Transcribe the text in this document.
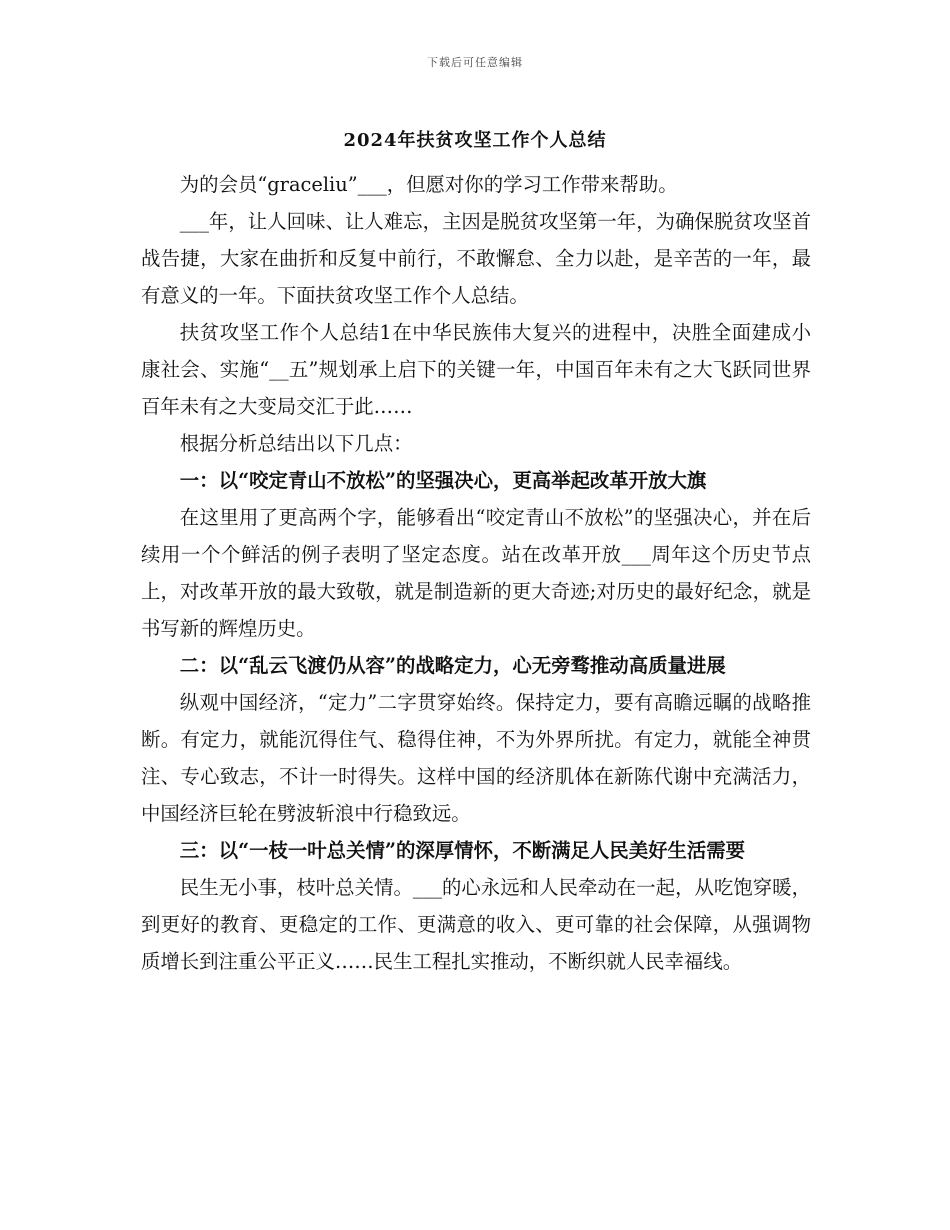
下载后可任意编辑
2024年扶贫攻坚工作个人总结

为的会员“graceliu”___，但愿对你的学习工作带来帮助。

___年，让人回味、让人难忘，主因是脱贫攻坚第一年，为确保脱贫攻坚首战告捷，大家在曲折和反复中前行，不敢懈怠、全力以赴，是辛苦的一年，最有意义的一年。下面扶贫攻坚工作个人总结。

扶贫攻坚工作个人总结1在中华民族伟大复兴的进程中，决胜全面建成小康社会、实施“__五”规划承上启下的关键一年，中国百年未有之大飞跃同世界百年未有之大变局交汇于此……

根据分析总结出以下几点：

一：以“咬定青山不放松”的坚强决心，更高举起改革开放大旗

在这里用了更高两个字，能够看出“咬定青山不放松”的坚强决心，并在后续用一个个鲜活的例子表明了坚定态度。站在改革开放___周年这个历史节点上，对改革开放的最大致敬，就是制造新的更大奇迹;对历史的最好纪念，就是书写新的辉煌历史。

二：以“乱云飞渡仍从容”的战略定力，心无旁骛推动高质量进展

纵观中国经济，“定力”二字贯穿始终。保持定力，要有高瞻远瞩的战略推断。有定力，就能沉得住气、稳得住神，不为外界所扰。有定力，就能全神贯注、专心致志，不计一时得失。这样中国的经济肌体在新陈代谢中充满活力，中国经济巨轮在劈波斩浪中行稳致远。

三：以“一枝一叶总关情”的深厚情怀，不断满足人民美好生活需要

民生无小事，枝叶总关情。___的心永远和人民牵动在一起，从吃饱穿暖，到更好的教育、更稳定的工作、更满意的收入、更可靠的社会保障，从强调物质增长到注重公平正义……民生工程扎实推动，不断织就人民幸福线。
